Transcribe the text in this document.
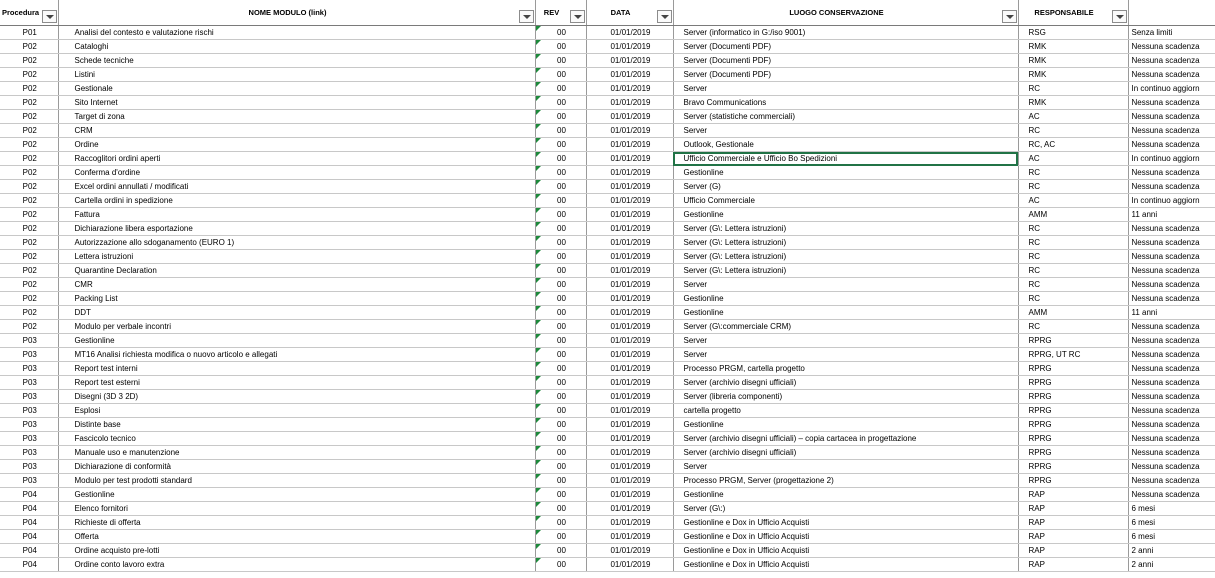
Procedura	NOME MODULO (link)	REV	DATA	LUOGO CONSERVAZIONE	RESPONSABILE

P01	Analisi del contesto e valutazione rischi	00	01/01/2019	Server (informatico in G:/iso 9001)	RSG	Senza limiti
P02	Cataloghi	00	01/01/2019	Server (Documenti PDF)	RMK	Nessuna scadenza
P02	Schede tecniche	00	01/01/2019	Server (Documenti PDF)	RMK	Nessuna scadenza
P02	Listini	00	01/01/2019	Server (Documenti PDF)	RMK	Nessuna scadenza
P02	Gestionale	00	01/01/2019	Server	RC	In continuo aggiorn
P02	Sito Internet	00	01/01/2019	Bravo Communications	RMK	Nessuna scadenza
P02	Target di zona	00	01/01/2019	Server (statistiche commerciali)	AC	Nessuna scadenza
P02	CRM	00	01/01/2019	Server	RC	Nessuna scadenza
P02	Ordine	00	01/01/2019	Outlook, Gestionale	RC, AC	Nessuna scadenza
P02	Raccoglitori ordini aperti	00	01/01/2019	Ufficio Commerciale e Ufficio Bo Spedizioni	AC	In continuo aggiorn
P02	Conferma d'ordine	00	01/01/2019	Gestionline	RC	Nessuna scadenza
P02	Excel ordini annullati / modificati	00	01/01/2019	Server (G)	RC	Nessuna scadenza
P02	Cartella ordini in spedizione	00	01/01/2019	Ufficio Commerciale	AC	In continuo aggiorn
P02	Fattura	00	01/01/2019	Gestionline	AMM	11 anni
P02	Dichiarazione libera esportazione	00	01/01/2019	Server (G\: Lettera istruzioni)	RC	Nessuna scadenza
P02	Autorizzazione allo sdoganamento (EURO 1)	00	01/01/2019	Server (G\: Lettera istruzioni)	RC	Nessuna scadenza
P02	Lettera istruzioni	00	01/01/2019	Server (G\: Lettera istruzioni)	RC	Nessuna scadenza
P02	Quarantine Declaration	00	01/01/2019	Server (G\: Lettera istruzioni)	RC	Nessuna scadenza
P02	CMR	00	01/01/2019	Server	RC	Nessuna scadenza
P02	Packing List	00	01/01/2019	Gestionline	RC	Nessuna scadenza
P02	DDT	00	01/01/2019	Gestionline	AMM	11 anni
P02	Modulo per verbale incontri	00	01/01/2019	Server (G\:commerciale CRM)	RC	Nessuna scadenza
P03	Gestionline	00	01/01/2019	Server	RPRG	Nessuna scadenza
P03	MT16 Analisi richiesta modifica o nuovo articolo e allegati	00	01/01/2019	Server	RPRG, UT RC	Nessuna scadenza
P03	Report test interni	00	01/01/2019	Processo PRGM, cartella progetto	RPRG	Nessuna scadenza
P03	Report test esterni	00	01/01/2019	Server (archivio disegni ufficiali)	RPRG	Nessuna scadenza
P03	Disegni (3D 3 2D)	00	01/01/2019	Server (libreria componenti)	RPRG	Nessuna scadenza
P03	Esplosi	00	01/01/2019	cartella progetto	RPRG	Nessuna scadenza
P03	Distinte base	00	01/01/2019	Gestionline	RPRG	Nessuna scadenza
P03	Fascicolo tecnico	00	01/01/2019	Server (archivio disegni ufficiali) – copia cartacea in progettazione	RPRG	Nessuna scadenza
P03	Manuale uso e manutenzione	00	01/01/2019	Server (archivio disegni ufficiali)	RPRG	Nessuna scadenza
P03	Dichiarazione di conformità	00	01/01/2019	Server	RPRG	Nessuna scadenza
P03	Modulo per test prodotti standard	00	01/01/2019	Processo PRGM, Server (progettazione 2)	RPRG	Nessuna scadenza
P04	Gestionline	00	01/01/2019	Gestionline	RAP	Nessuna scadenza
P04	Elenco fornitori	00	01/01/2019	Server (G\:)	RAP	6 mesi
P04	Richieste di offerta	00	01/01/2019	Gestionline e Dox in Ufficio Acquisti	RAP	6 mesi
P04	Offerta	00	01/01/2019	Gestionline e Dox in Ufficio Acquisti	RAP	6 mesi
P04	Ordine acquisto pre-lotti	00	01/01/2019	Gestionline e Dox in Ufficio Acquisti	RAP	2 anni
P04	Ordine conto lavoro extra	00	01/01/2019	Gestionline e Dox in Ufficio Acquisti	RAP	2 anni
